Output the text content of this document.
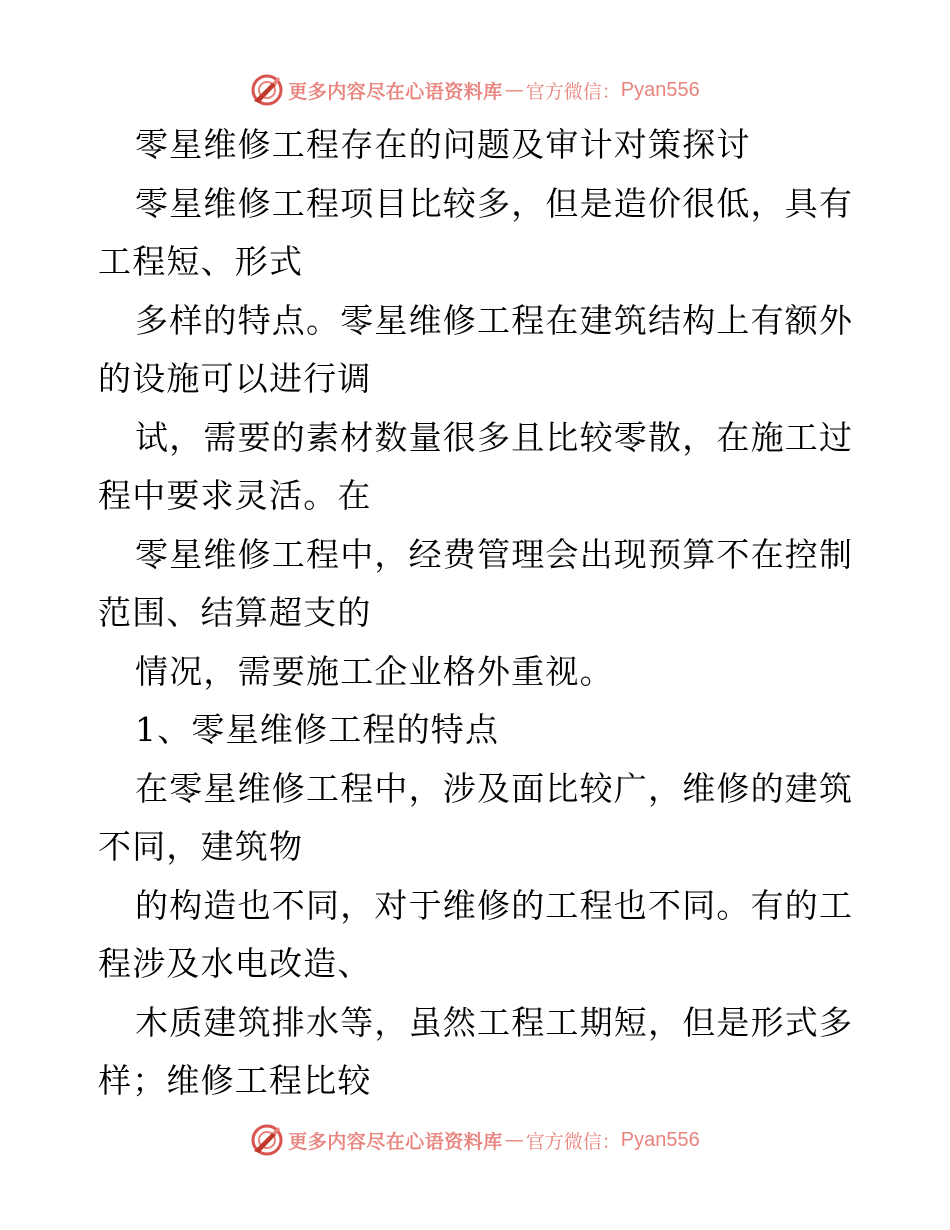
更多内容尽在心语资料库 — 官方微信： Pyan556
零星维修工程存在的问题及审计对策探讨
零星维修工程项目比较多，但是造价很低，具有
工程短、形式
多样的特点。零星维修工程在建筑结构上有额外
的设施可以进行调
试，需要的素材数量很多且比较零散，在施工过
程中要求灵活。在
零星维修工程中，经费管理会出现预算不在控制
范围、结算超支的
情况，需要施工企业格外重视。
1、零星维修工程的特点
在零星维修工程中，涉及面比较广，维修的建筑
不同，建筑物
的构造也不同，对于维修的工程也不同。有的工
程涉及水电改造、
木质建筑排水等，虽然工程工期短，但是形式多
样；维修工程比较
更多内容尽在心语资料库 — 官方微信： Pyan556
